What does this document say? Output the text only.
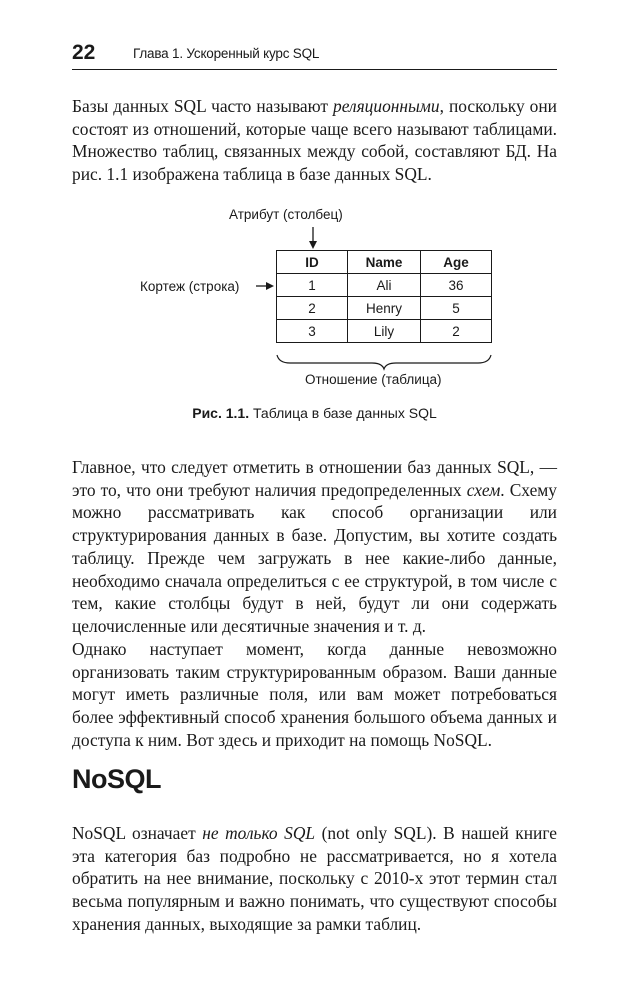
22	Глава 1. Ускоренный курс SQL

Базы данных SQL часто называют реляционными, поскольку они состоят из отношений, которые чаще всего называют таблицами. Множество таблиц, связанных между собой, составляют БД. На рис. 1.1 изображена таблица в базе данных SQL.

Атрибут (столбец)
Кортеж (строка)
ID	Name	Age
1	Ali	36
2	Henry	5
3	Lily	2
Отношение (таблица)
Рис. 1.1. Таблица в базе данных SQL

Главное, что следует отметить в отношении баз данных SQL, — это то, что они требуют наличия предопределенных схем. Схему можно рассматривать как способ организации или структурирования данных в базе. Допустим, вы хотите создать таблицу. Прежде чем загружать в нее какие-либо данные, необходимо сначала определиться с ее структурой, в том числе с тем, какие столбцы будут в ней, будут ли они содержать целочисленные или десятичные значения и т. д.

Однако наступает момент, когда данные невозможно организовать таким структурированным образом. Ваши данные могут иметь различные поля, или вам может потребоваться более эффективный способ хранения большого объема данных и доступа к ним. Вот здесь и приходит на помощь NoSQL.

NoSQL

NoSQL означает не только SQL (not only SQL). В нашей книге эта категория баз подробно не рассматривается, но я хотела обратить на нее внимание, поскольку с 2010-х этот термин стал весьма популярным и важно понимать, что существуют способы хранения данных, выходящие за рамки таблиц.
